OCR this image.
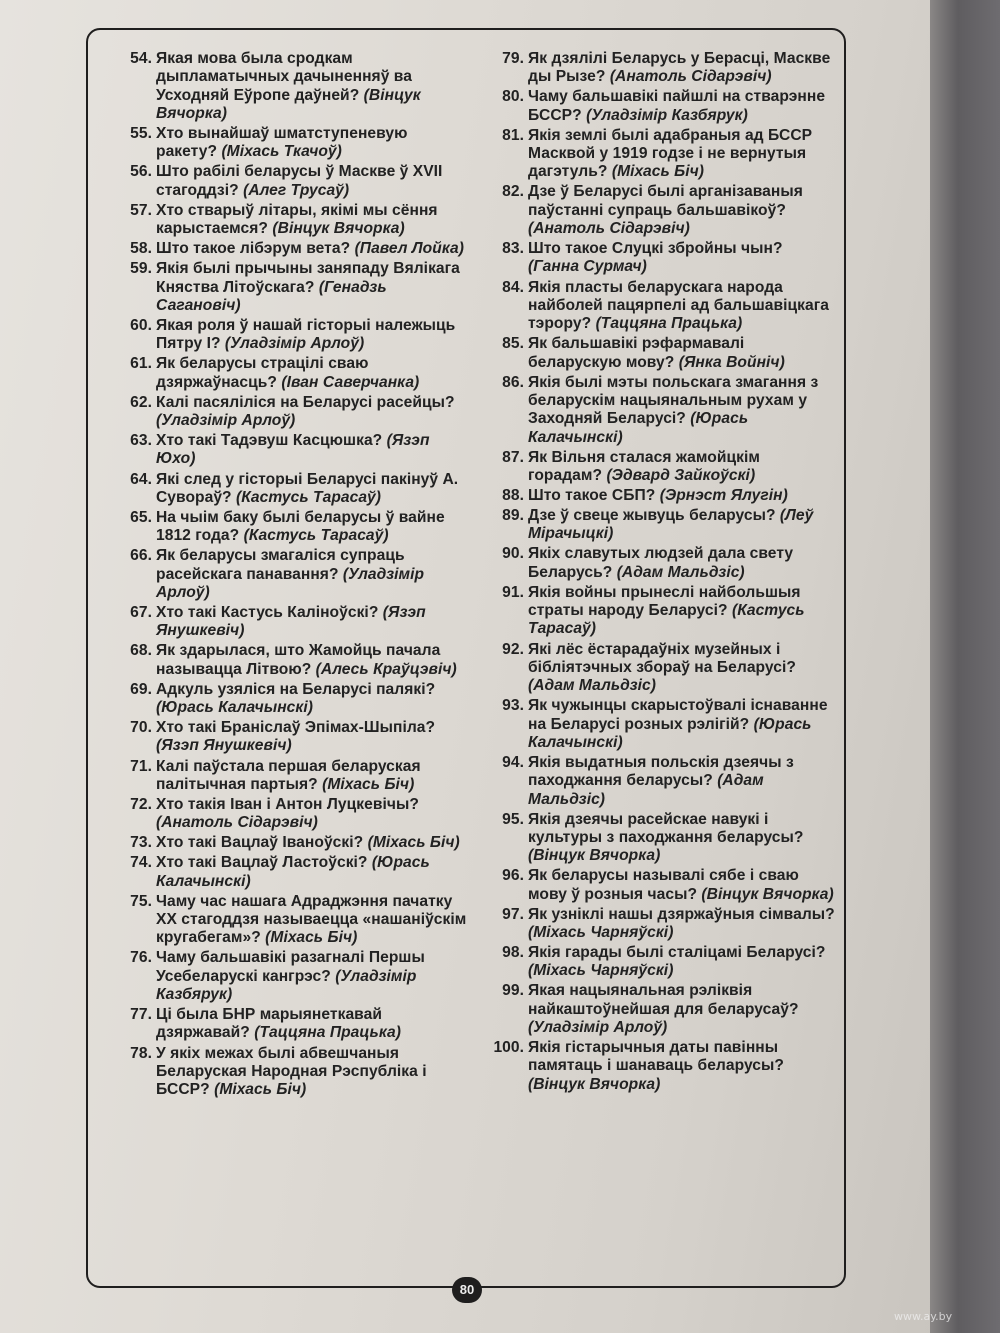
54. Якая мова была сродкам дыпламатычных дачыненняў ва Усходняй Еўропе даўней? (Вінцук Вячорка)
55. Хто вынайшаў шматступеневую ракету? (Міхась Ткачоў)
56. Што рабілі беларусы ў Маскве ў XVII стагоддзі? (Алег Трусаў)
57. Хто стварыў літары, якімі мы сёння карыстаемся? (Вінцук Вячорка)
58. Што такое лібэрум вета? (Павел Лойка)
59. Якія былі прычыны заняпаду Вялікага Княства Літоўскага? (Генадзь Сагановіч)
60. Якая роля ў нашай гісторыі належыць Пятру І? (Уладзімір Арлоў)
61. Як беларусы страцілі сваю дзяржаўнасць? (Іван Саверчанка)
62. Калі пасяліліся на Беларусі расейцы? (Уладзімір Арлоў)
63. Хто такі Тадэвуш Касцюшка? (Язэп Юхо)
64. Які след у гісторыі Беларусі пакінуў А. Сувораў? (Кастусь Тарасаў)
65. На чыім баку былі беларусы ў вайне 1812 года? (Кастусь Тарасаў)
66. Як беларусы змагаліся супраць расейскага панавання? (Уладзімір Арлоў)
67. Хто такі Кастусь Каліноўскі? (Язэп Янушкевіч)
68. Як здарылася, што Жамойць пачала называцца Літвою? (Алесь Краўцэвіч)
69. Адкуль узяліся на Беларусі палякі? (Юрась Калачынскі)
70. Хто такі Браніслаў Эпімах-Шыпіла? (Язэп Янушкевіч)
71. Калі паўстала першая беларуская палітычная партыя? (Міхась Біч)
72. Хто такія Іван і Антон Луцкевічы? (Анатоль Сідарэвіч)
73. Хто такі Вацлаў Іваноўскі? (Міхась Біч)
74. Хто такі Вацлаў Ластоўскі? (Юрась Калачынскі)
75. Чаму час нашага Адраджэння пачатку XX стагоддзя называецца «нашаніўскім кругабегам»? (Міхась Біч)
76. Чаму бальшавікі разагналі Першы Усебеларускі кангрэс? (Уладзімір Казбярук)
77. Ці была БНР марыянеткавай дзяржавай? (Таццяна Працька)
78. У якіх межах былі абвешчаныя Беларуская Народная Рэспубліка і БССР? (Міхась Біч)
79. Як дзялілі Беларусь у Берасці, Маскве ды Рызе? (Анатоль Сідарэвіч)
80. Чаму бальшавікі пайшлі на стварэнне БССР? (Уладзімір Казбярук)
81. Якія землі былі адабраныя ад БССР Масквой у 1919 годзе і не вернутыя дагэтуль? (Міхась Біч)
82. Дзе ў Беларусі былі арганізаваныя паўстанні супраць бальшавікоў? (Анатоль Сідарэвіч)
83. Што такое Слуцкі збройны чын? (Ганна Сурмач)
84. Якія пласты беларускага народа найболей пацярпелі ад бальшавіцкага тэрору? (Таццяна Працька)
85. Як бальшавікі рэфармавалі беларускую мову? (Янка Войніч)
86. Якія былі мэты польскага змагання з беларускім нацыянальным рухам у Заходняй Беларусі? (Юрась Калачынскі)
87. Як Вільня сталася жамойцкім горадам? (Эдвард Зайкоўскі)
88. Што такое СБП? (Эрнэст Ялугін)
89. Дзе ў свеце жывуць беларусы? (Леў Мірачыцкі)
90. Якіх славутых людзей дала свету Беларусь? (Адам Мальдзіс)
91. Якія войны прынеслі найбольшыя страты народу Беларусі? (Кастусь Тарасаў)
92. Які лёс ёстарадаўніх музейных і бібліятэчных збораў на Беларусі? (Адам Мальдзіс)
93. Як чужынцы скарыстоўвалі існаванне на Беларусі розных рэлігій? (Юрась Калачынскі)
94. Якія выдатныя польскія дзеячы з паходжання беларусы? (Адам Мальдзіс)
95. Якія дзеячы расейскае навукі і культуры з паходжання беларусы? (Вінцук Вячорка)
96. Як беларусы называлі сябе і сваю мову ў розныя часы? (Вінцук Вячорка)
97. Як узніклі нашы дзяржаўныя сімвалы? (Міхась Чарняўскі)
98. Якія гарады былі сталіцамі Беларусі? (Міхась Чарняўскі)
99. Якая нацыянальная рэліквія найкаштоўнейшая для беларусаў? (Уладзімір Арлоў)
100. Якія гістарычныя даты павінны памятаць і шанаваць беларусы? (Вінцук Вячорка)
80
www.ay.by
